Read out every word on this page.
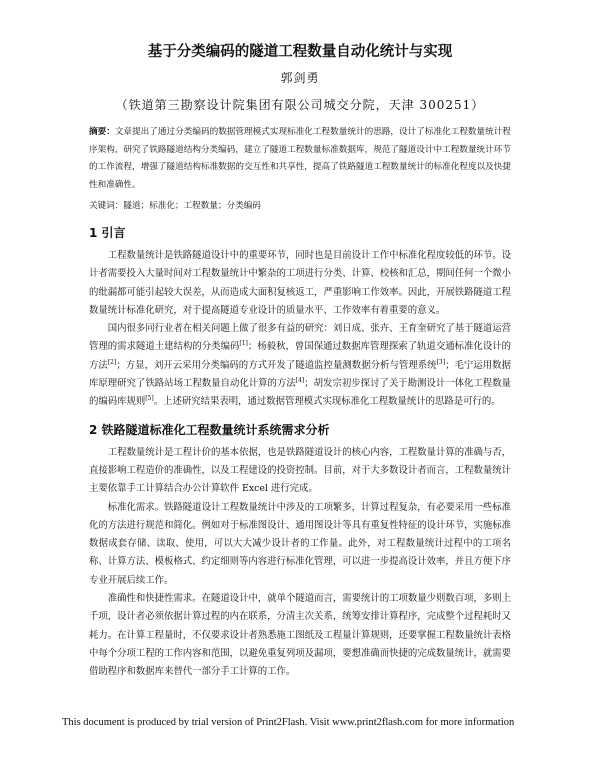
基于分类编码的隧道工程数量自动化统计与实现
郭剑勇
（铁道第三勘察设计院集团有限公司城交分院，天津 300251）

摘要：文章提出了通过分类编码的数据管理模式实现标准化工程数量统计的思路，设计了标准化工程数量统计程序架构，研究了铁路隧道结构分类编码，建立了隧道工程数量标准数据库，规范了隧道设计中工程数量统计环节的工作流程，增强了隧道结构标准数据的交互性和共享性，提高了铁路隧道工程数量统计的标准化程度以及快捷性和准确性。

关键词：隧道；标准化；工程数量；分类编码

1 引言

工程数量统计是铁路隧道设计中的重要环节，同时也是目前设计工作中标准化程度较低的环节。设计者需要投入大量时间对工程数量统计中繁杂的工项进行分类、计算、校核和汇总，期间任何一个微小的纰漏都可能引起较大误差，从而造成大面积复核返工，严重影响工作效率。因此，开展铁路隧道工程数量统计标准化研究，对于提高隧道专业设计的质量水平、工作效率有着重要的意义。

国内很多同行业者在相关问题上做了很多有益的研究：刘日成、张卉、王育奎研究了基于隧道运营管理的需求隧道土建结构的分类编码[1]；杨毅秋，曾国保通过数据库管理探索了轨道交通标准化设计的方法[2]；方显，刘开云采用分类编码的方式开发了隧道监控量测数据分析与管理系统[3]；毛宁运用数据库原理研究了铁路站场工程数量自动化计算的方法[4]；胡发宗初步探讨了关于勘测设计一体化工程数量的编码库规则[5]。上述研究结果表明，通过数据管理模式实现标准化工程数量统计的思路是可行的。

2 铁路隧道标准化工程数量统计系统需求分析

工程数量统计是工程计价的基本依据，也是铁路隧道设计的核心内容，工程数量计算的准确与否，直接影响工程造价的准确性，以及工程建设的投资控制。目前，对于大多数设计者而言，工程数量统计主要依靠手工计算结合办公计算软件 Excel 进行完成。

标准化需求。铁路隧道设计工程数量统计中涉及的工项繁多，计算过程复杂，有必要采用一些标准化的方法进行规范和简化。例如对于标准图设计、通用图设计等具有重复性特征的设计环节，实施标准数据成套存储、读取、使用，可以大大减少设计者的工作量。此外，对工程数量统计过程中的工项名称、计算方法、模板格式、约定细则等内容进行标准化管理，可以进一步提高设计效率，并且方便下序专业开展后续工作。

准确性和快捷性需求。在隧道设计中，就单个隧道而言，需要统计的工项数量少则数百项，多则上千项，设计者必须依据计算过程的内在联系，分清主次关系，统筹安排计算程序，完成整个过程耗时又耗力。在计算工程量时，不仅要求设计者熟悉施工图纸及工程量计算规则，还要掌握工程数量统计表格中每个分项工程的工作内容和范围，以避免重复列项及漏项，要想准确而快捷的完成数量统计，就需要借助程序和数据库来替代一部分手工计算的工作。

This document is produced by trial version of Print2Flash. Visit www.print2flash.com for more information
